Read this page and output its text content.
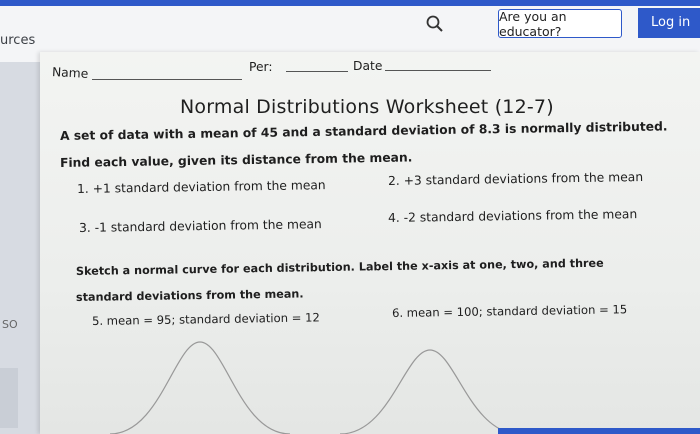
urces
Are you an educator?
Log in
SO
Name	Per:	Date
Normal Distributions Worksheet (12-7)
A set of data with a mean of 45 and a standard deviation of 8.3 is normally distributed.
Find each value, given its distance from the mean.
1. +1 standard deviation from the mean	2. +3 standard deviations from the mean
3. -1 standard deviation from the mean
4. -2 standard deviations from the mean
Sketch a normal curve for each distribution. Label the x-axis at one, two, and three
standard deviations from the mean.
5. mean = 95; standard deviation = 12	6. mean = 100; standard deviation = 15
